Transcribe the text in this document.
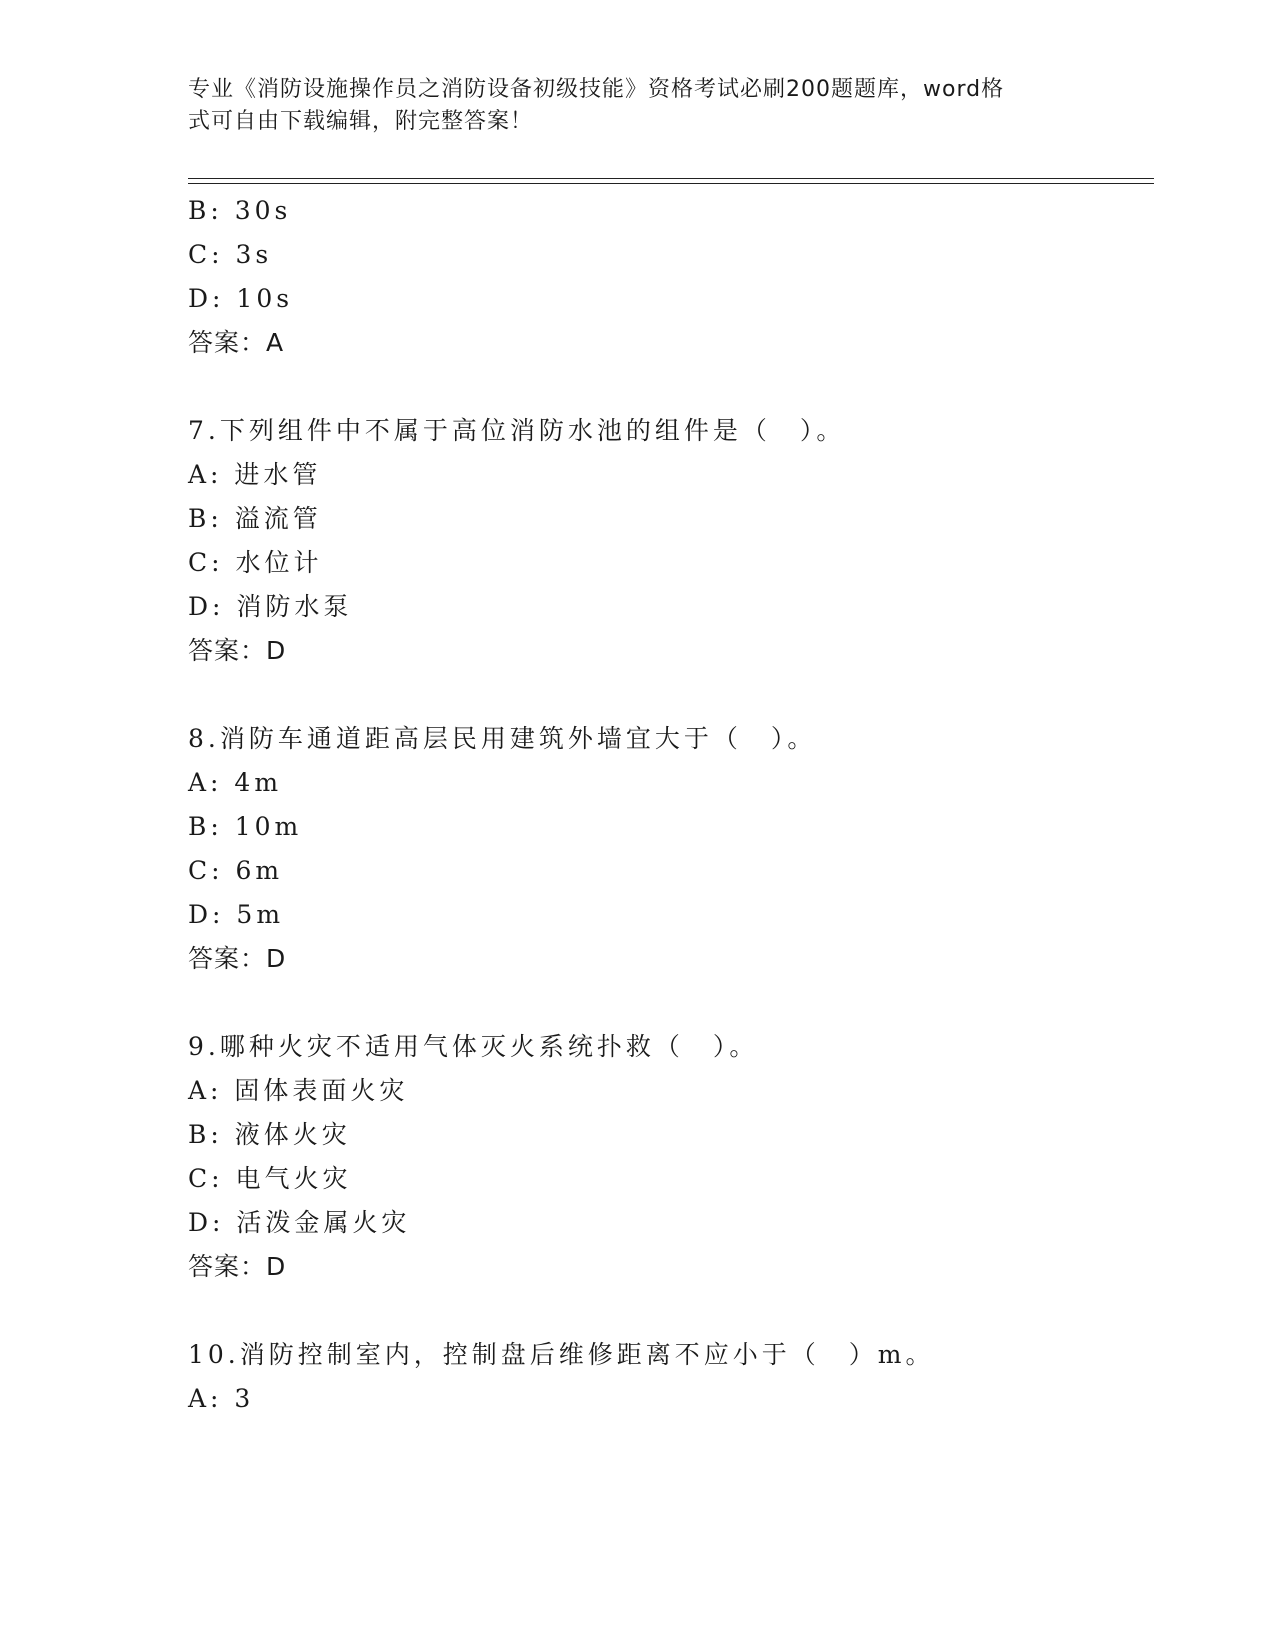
专业《消防设施操作员之消防设备初级技能》资格考试必刷200题题库，word格

式可自由下载编辑，附完整答案！

B: 30s
C: 3s
D: 10s
答案：A
7.下列组件中不属于高位消防水池的组件是（　）。
A: 进水管
B: 溢流管
C: 水位计
D: 消防水泵
答案：D
8.消防车通道距高层民用建筑外墙宜大于（　）。
A: 4m
B: 10m
C: 6m
D: 5m
答案：D
9.哪种火灾不适用气体灭火系统扑救（　）。
A: 固体表面火灾
B: 液体火灾
C: 电气火灾
D: 活泼金属火灾
答案：D
10.消防控制室内，控制盘后维修距离不应小于（　）m。
A: 3
